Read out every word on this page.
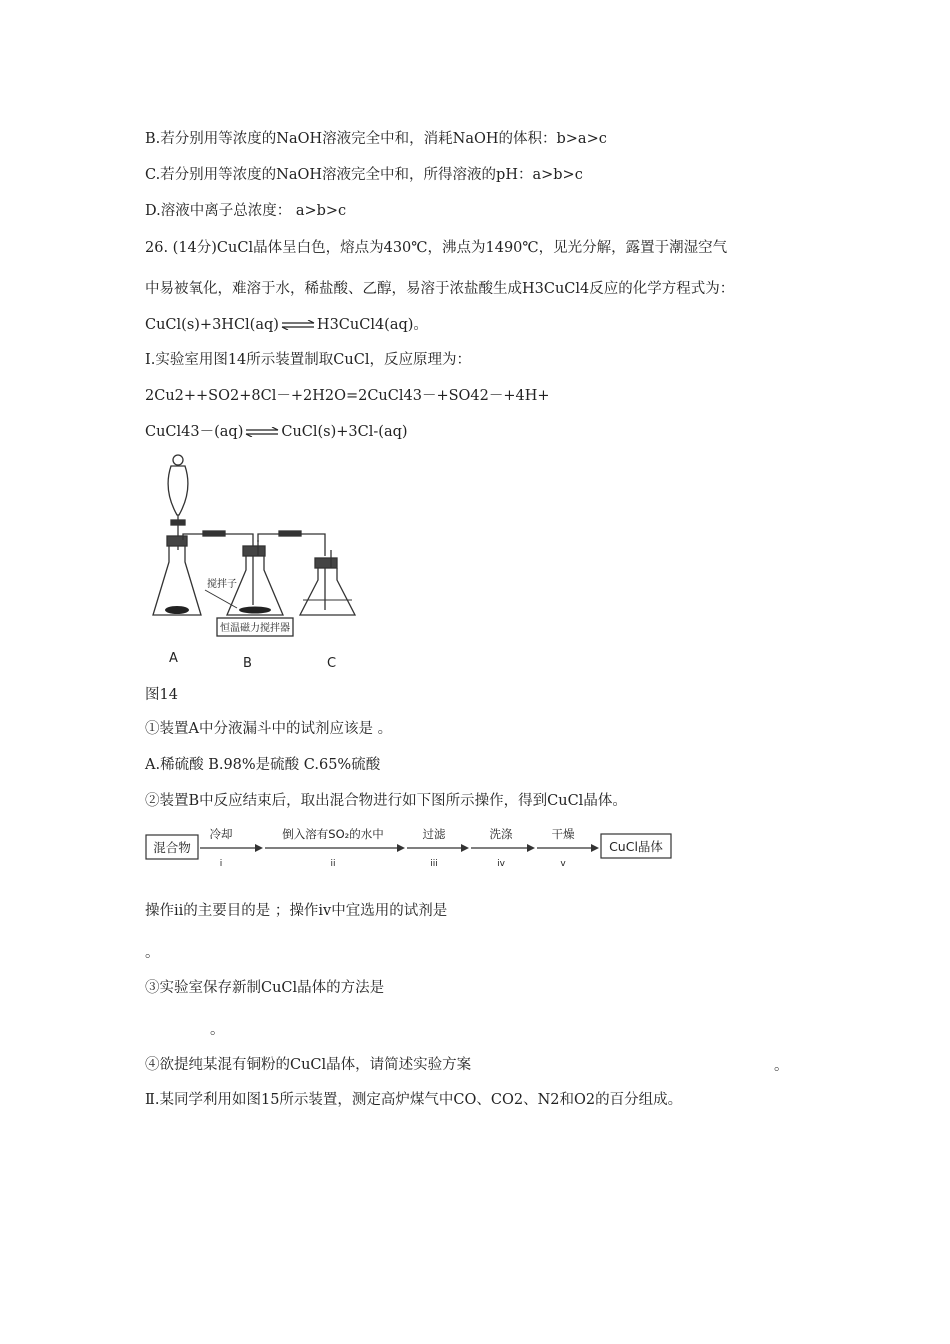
B.若分别用等浓度的NaOH溶液完全中和，消耗NaOH的体积：b>a>c
C.若分别用等浓度的NaOH溶液完全中和，所得溶液的pH：a>b>c
D.溶液中离子总浓度： a>b>c
26. (14分)CuCl晶体呈白色，熔点为430℃，沸点为1490℃，见光分解，露置于潮湿空气
中易被氧化，难溶于水，稀盐酸、乙醇，易溶于浓盐酸生成H3CuCl4反应的化学方程式为：
CuCl(s)+3HCl(aq) ⇌ H3CuCl4(aq)。
Ⅰ.实验室用图14所示装置制取CuCl，反应原理为：
2Cu2++SO2+8Cl－+2H2O=2CuCl43－+SO42－+4H+
CuCl43－(aq) ⇌ CuCl(s)+3Cl-(aq)
搅拌子
恒温磁力搅拌器
A	B	C
图14
①装置A中分液漏斗中的试剂应该是 。
A.稀硫酸 B.98%是硫酸 C.65%硫酸
②装置B中反应结束后，取出混合物进行如下图所示操作，得到CuCl晶体。
混合物
冷却
i
倒入溶有SO₂的水中
ii
过滤
iii
洗涤
iv
干燥
v
CuCl晶体
操作ⅱ的主要目的是 ；操作ⅳ中宜选用的试剂是
。
③实验室保存新制CuCl晶体的方法是
。
④欲提纯某混有铜粉的CuCl晶体，请简述实验方案	。
Ⅱ.某同学利用如图15所示装置，测定高炉煤气中CO、CO2、N2和O2的百分组成。
